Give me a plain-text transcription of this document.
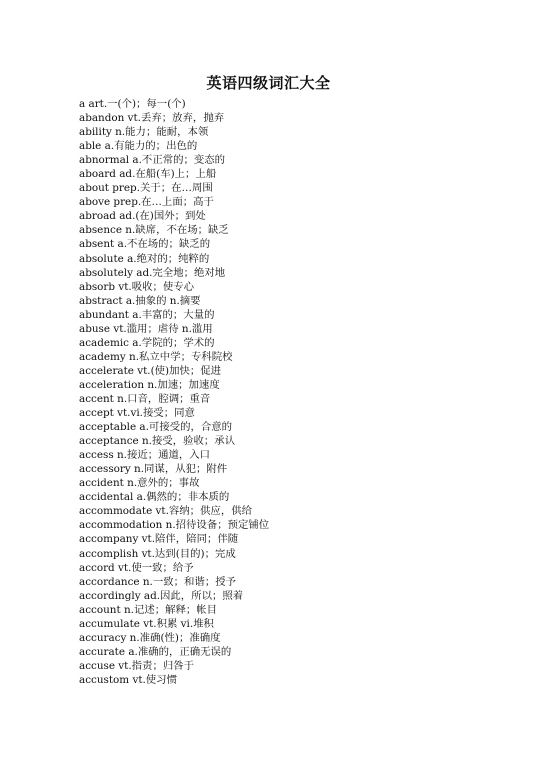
英语四级词汇大全
a art.一(个)；每一(个)
abandon vt.丢弃；放弃，抛弃
ability n.能力；能耐，本领
able a.有能力的；出色的
abnormal a.不正常的；变态的
aboard ad.在船(车)上；上船
about prep.关于；在…周围
above prep.在…上面；高于
abroad ad.(在)国外；到处
absence n.缺席，不在场；缺乏
absent a.不在场的；缺乏的
absolute a.绝对的；纯粹的
absolutely ad.完全地；绝对地
absorb vt.吸收；使专心
abstract a.抽象的 n.摘要
abundant a.丰富的；大量的
abuse vt.滥用；虐待 n.滥用
academic a.学院的；学术的
academy n.私立中学；专科院校
accelerate vt.(使)加快；促进
acceleration n.加速；加速度
accent n.口音，腔调；重音
accept vt.vi.接受；同意
acceptable a.可接受的，合意的
acceptance n.接受，验收；承认
access n.接近；通道，入口
accessory n.同谋，从犯；附件
accident n.意外的；事故
accidental a.偶然的；非本质的
accommodate vt.容纳；供应，供给
accommodation n.招待设备；预定铺位
accompany vt.陪伴，陪同；伴随
accomplish vt.达到(目的)；完成
accord vt.使一致；给予
accordance n.一致；和谐；授予
accordingly ad.因此，所以；照着
account n.记述；解释；帐目
accumulate vt.积累 vi.堆积
accuracy n.准确(性)；准确度
accurate a.准确的，正确无误的
accuse vt.指责；归咎于
accustom vt.使习惯
